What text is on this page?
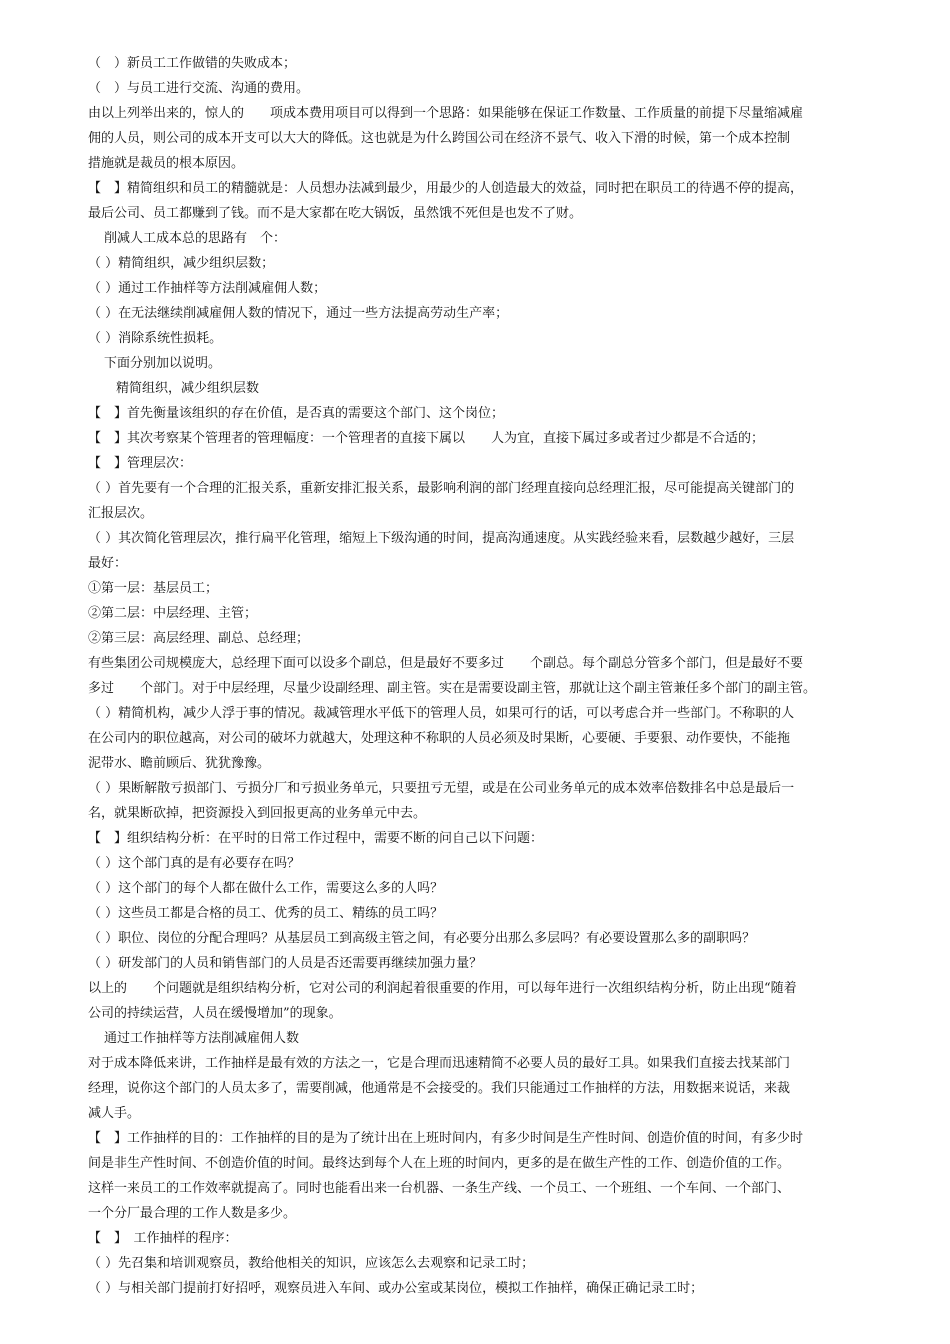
（　）新员工工作做错的失败成本；
（　）与员工进行交流、沟通的费用。
由以上列举出来的，惊人的　　项成本费用项目可以得到一个思路：如果能够在保证工作数量、工作质量的前提下尽量缩减雇
佣的人员，则公司的成本开支可以大大的降低。这也就是为什么跨国公司在经济不景气、收入下滑的时候，第一个成本控制
措施就是裁员的根本原因。
【　】精简组织和员工的精髓就是：人员想办法减到最少，用最少的人创造最大的效益，同时把在职员工的待遇不停的提高，
最后公司、员工都赚到了钱。而不是大家都在吃大锅饭，虽然饿不死但是也发不了财。
削减人工成本总的思路有　个：
（ ）精简组织，减少组织层数；
（ ）通过工作抽样等方法削减雇佣人数；
（ ）在无法继续削减雇佣人数的情况下，通过一些方法提高劳动生产率；
（ ）消除系统性损耗。
下面分别加以说明。
精简组织，减少组织层数
【　】首先衡量该组织的存在价值，是否真的需要这个部门、这个岗位；
【　】其次考察某个管理者的管理幅度：一个管理者的直接下属以　　人为宜，直接下属过多或者过少都是不合适的；
【　】管理层次：
（ ）首先要有一个合理的汇报关系，重新安排汇报关系，最影响利润的部门经理直接向总经理汇报，尽可能提高关键部门的
汇报层次。
（ ）其次简化管理层次，推行扁平化管理，缩短上下级沟通的时间，提高沟通速度。从实践经验来看，层数越少越好，三层
最好：
①第一层：基层员工；
②第二层：中层经理、主管；
②第三层：高层经理、副总、总经理；
有些集团公司规模庞大，总经理下面可以设多个副总，但是最好不要多过　　个副总。每个副总分管多个部门，但是最好不要
多过　　个部门。对于中层经理，尽量少设副经理、副主管。实在是需要设副主管，那就让这个副主管兼任多个部门的副主管。
（ ）精简机构，减少人浮于事的情况。裁减管理水平低下的管理人员，如果可行的话，可以考虑合并一些部门。不称职的人
在公司内的职位越高，对公司的破坏力就越大，处理这种不称职的人员必须及时果断，心要硬、手要狠、动作要快，不能拖
泥带水、瞻前顾后、犹犹豫豫。
（ ）果断解散亏损部门、亏损分厂和亏损业务单元，只要扭亏无望，或是在公司业务单元的成本效率倍数排名中总是最后一
名，就果断砍掉，把资源投入到回报更高的业务单元中去。
【　】组织结构分析：在平时的日常工作过程中，需要不断的问自己以下问题：
（ ）这个部门真的是有必要存在吗？
（ ）这个部门的每个人都在做什么工作，需要这么多的人吗？
（ ）这些员工都是合格的员工、优秀的员工、精练的员工吗？
（ ）职位、岗位的分配合理吗？从基层员工到高级主管之间，有必要分出那么多层吗？有必要设置那么多的副职吗？
（ ）研发部门的人员和销售部门的人员是否还需要再继续加强力量？
以上的　　个问题就是组织结构分析，它对公司的利润起着很重要的作用，可以每年进行一次组织结构分析，防止出现“随着
公司的持续运营，人员在缓慢增加”的现象。
通过工作抽样等方法削减雇佣人数
对于成本降低来讲，工作抽样是最有效的方法之一，它是合理而迅速精简不必要人员的最好工具。如果我们直接去找某部门
经理，说你这个部门的人员太多了，需要削减，他通常是不会接受的。我们只能通过工作抽样的方法，用数据来说话，来裁
减人手。
【　】工作抽样的目的：工作抽样的目的是为了统计出在上班时间内，有多少时间是生产性时间、创造价值的时间，有多少时
间是非生产性时间、不创造价值的时间。最终达到每个人在上班的时间内，更多的是在做生产性的工作、创造价值的工作。
这样一来员工的工作效率就提高了。同时也能看出来一台机器、一条生产线、一个员工、一个班组、一个车间、一个部门、
一个分厂最合理的工作人数是多少。
【　】　工作抽样的程序：
（ ）先召集和培训观察员，教给他相关的知识，应该怎么去观察和记录工时；
（ ）与相关部门提前打好招呼，观察员进入车间、或办公室或某岗位，模拟工作抽样，确保正确记录工时；
